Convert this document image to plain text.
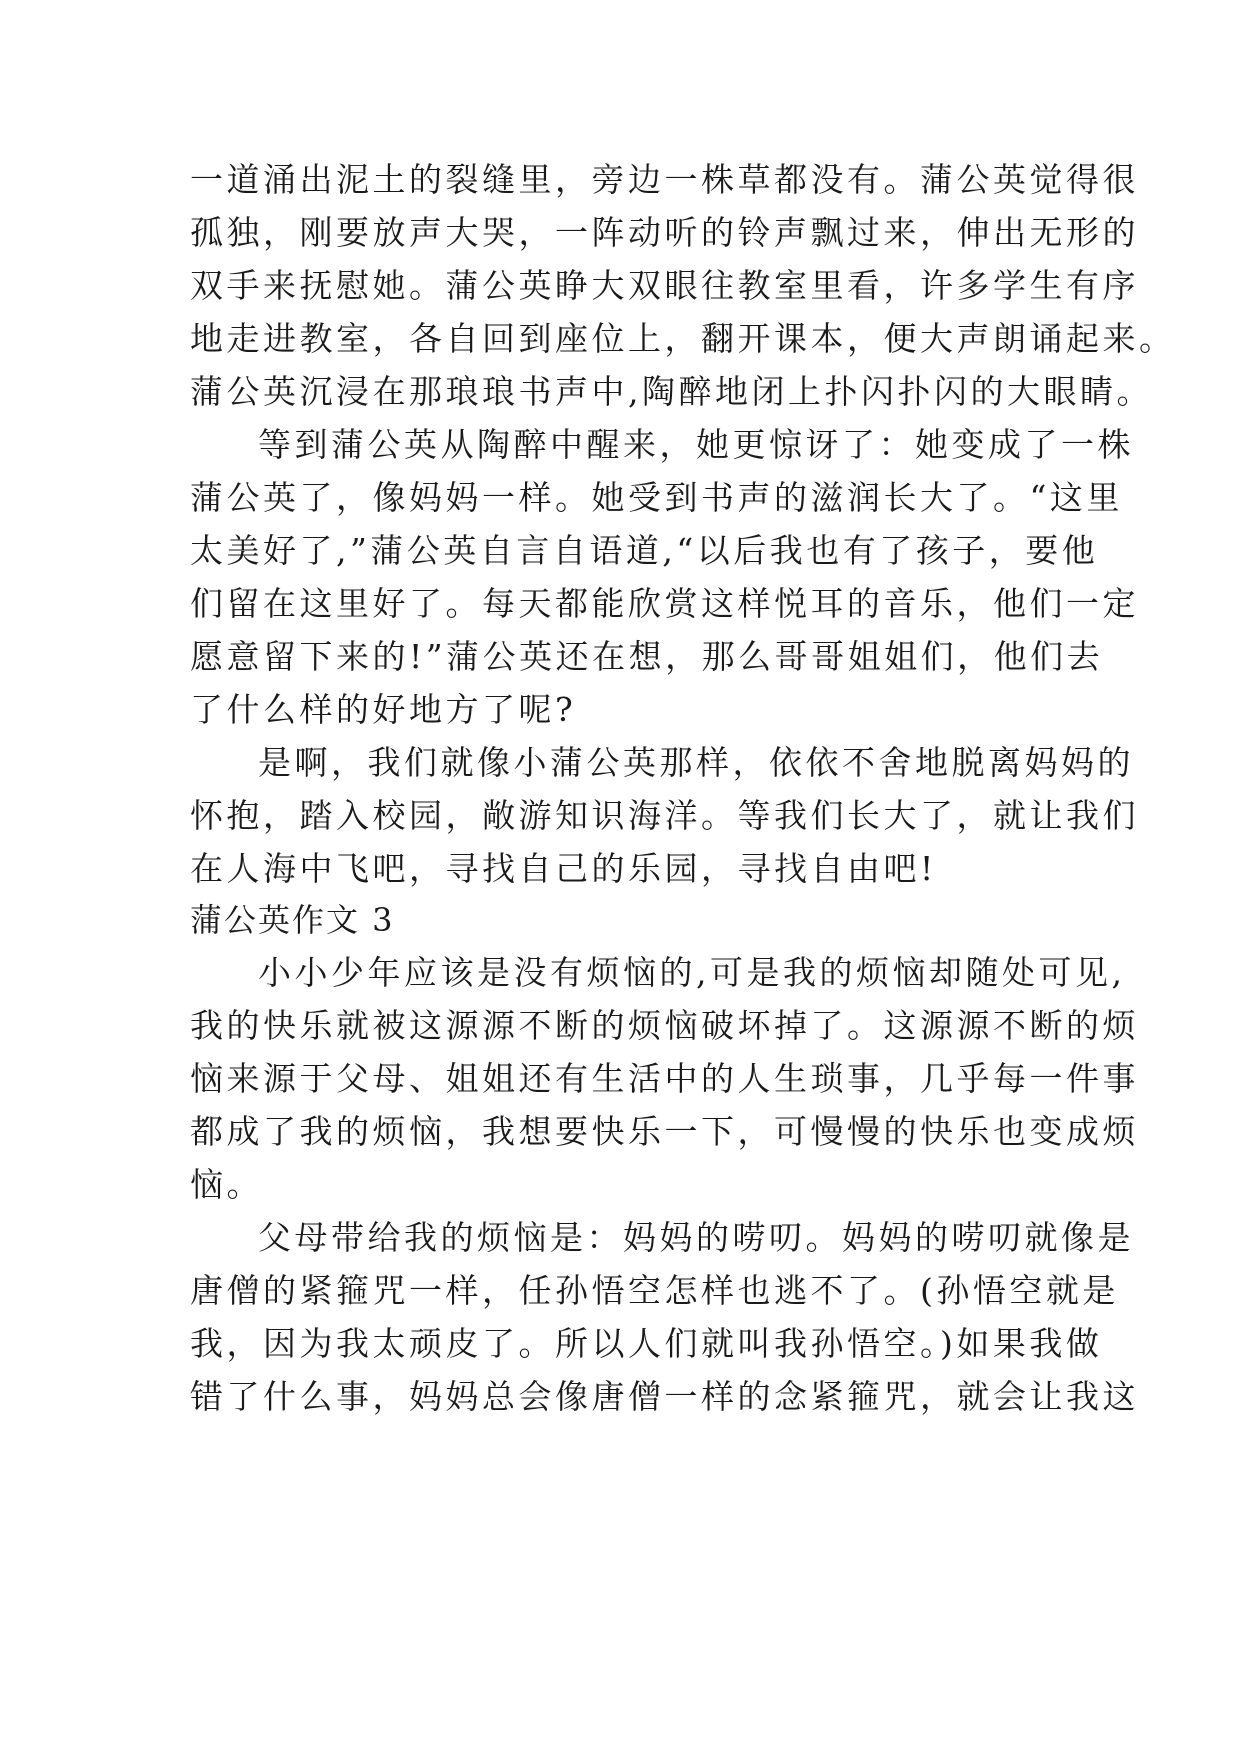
一道涌出泥土的裂缝里，旁边一株草都没有。蒲公英觉得很
孤独，刚要放声大哭，一阵动听的铃声飘过来，伸出无形的
双手来抚慰她。蒲公英睁大双眼往教室里看，许多学生有序
地走进教室，各自回到座位上，翻开课本，便大声朗诵起来。
蒲公英沉浸在那琅琅书声中,陶醉地闭上扑闪扑闪的大眼睛。
等到蒲公英从陶醉中醒来，她更惊讶了：她变成了一株
蒲公英了，像妈妈一样。她受到书声的滋润长大了。“这里
太美好了,”蒲公英自言自语道,“以后我也有了孩子，要他
们留在这里好了。每天都能欣赏这样悦耳的音乐，他们一定
愿意留下来的!”蒲公英还在想，那么哥哥姐姐们，他们去
了什么样的好地方了呢?
是啊，我们就像小蒲公英那样，依依不舍地脱离妈妈的
怀抱，踏入校园，敞游知识海洋。等我们长大了，就让我们
在人海中飞吧，寻找自己的乐园，寻找自由吧!
蒲公英作文 3
小小少年应该是没有烦恼的,可是我的烦恼却随处可见,
我的快乐就被这源源不断的烦恼破坏掉了。这源源不断的烦
恼来源于父母、姐姐还有生活中的人生琐事，几乎每一件事
都成了我的烦恼，我想要快乐一下，可慢慢的快乐也变成烦
恼。
父母带给我的烦恼是：妈妈的唠叨。妈妈的唠叨就像是
唐僧的紧箍咒一样，任孙悟空怎样也逃不了。(孙悟空就是
我，因为我太顽皮了。所以人们就叫我孙悟空。)如果我做
错了什么事，妈妈总会像唐僧一样的念紧箍咒，就会让我这
